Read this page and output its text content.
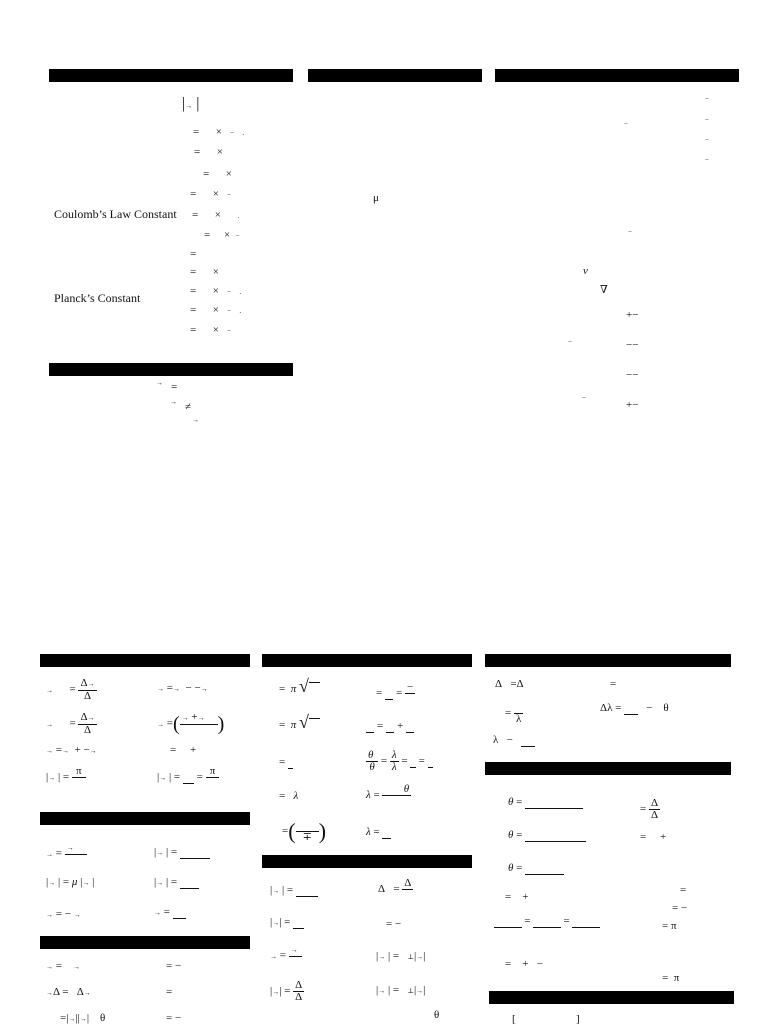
|→ |
= × − .
= ×
= ×
= × −
Coulomb’s Law Constant = × .
= × −
=
= ×
Planck’s Constant	= × − .
= × − .
= × −
μ
−
−	−
−
−
−
ν
∇
+−
−	−−
−−
−
+−
→ =
→ ≠
→
→ = $\frac{\Delta\to}{\Delta}$	→ =→ − −→
→ = $\frac{\Delta\to}{\Delta}$	→ =( → +→
)
→ =→ + −→	= +
|→ | =
π

|→ | = =
π

→ = →
	|→ | =
|→ | = μ |→ |	|→ | =
→ = − →	→ =
→ = →	= −
→Δ = Δ→	=
=|→||→|    θ	= −
= π √	= =
−

= π √	= +
=	$\frac{\theta}{\theta} = \frac{\lambda}{\lambda}$ = =
= λ	λ =
θ

=(
∓ )	λ =
|→ | =	Δ =
Δ

|→| =	= −
→ = →
	|→ | = ⊥|→|
|→| = $\frac{\Delta}{\Delta}$	|→ | = ⊥|→|
θ
Δ =Δ	=
=
λ
Δλ = − θ
λ −
θ =
= $\frac{\Delta}{\Delta}$
θ =	= +
θ =
=
= +
= −
=	=	= π
= + −
= π
[	]
